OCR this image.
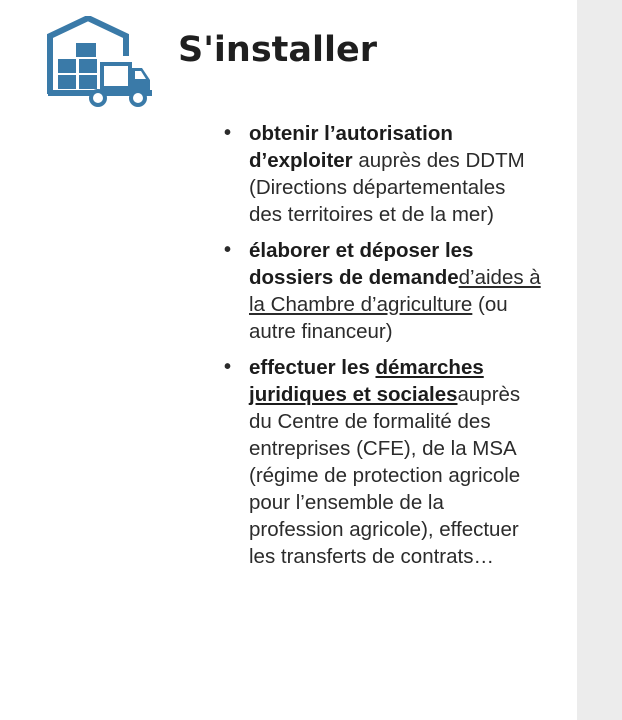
S'installer
• obtenir l’autorisation d’exploiter auprès des DDTM (Directions départementales des territoires et de la mer)
• élaborer et déposer les dossiers de demanded’aides à la Chambre d’agriculture (ou autre financeur)
• effectuer les démarches juridiques et socialesauprès du Centre de formalité des entreprises (CFE), de la MSA (régime de protection agricole pour l’ensemble de la profession agricole), effectuer les transferts de contrats…
